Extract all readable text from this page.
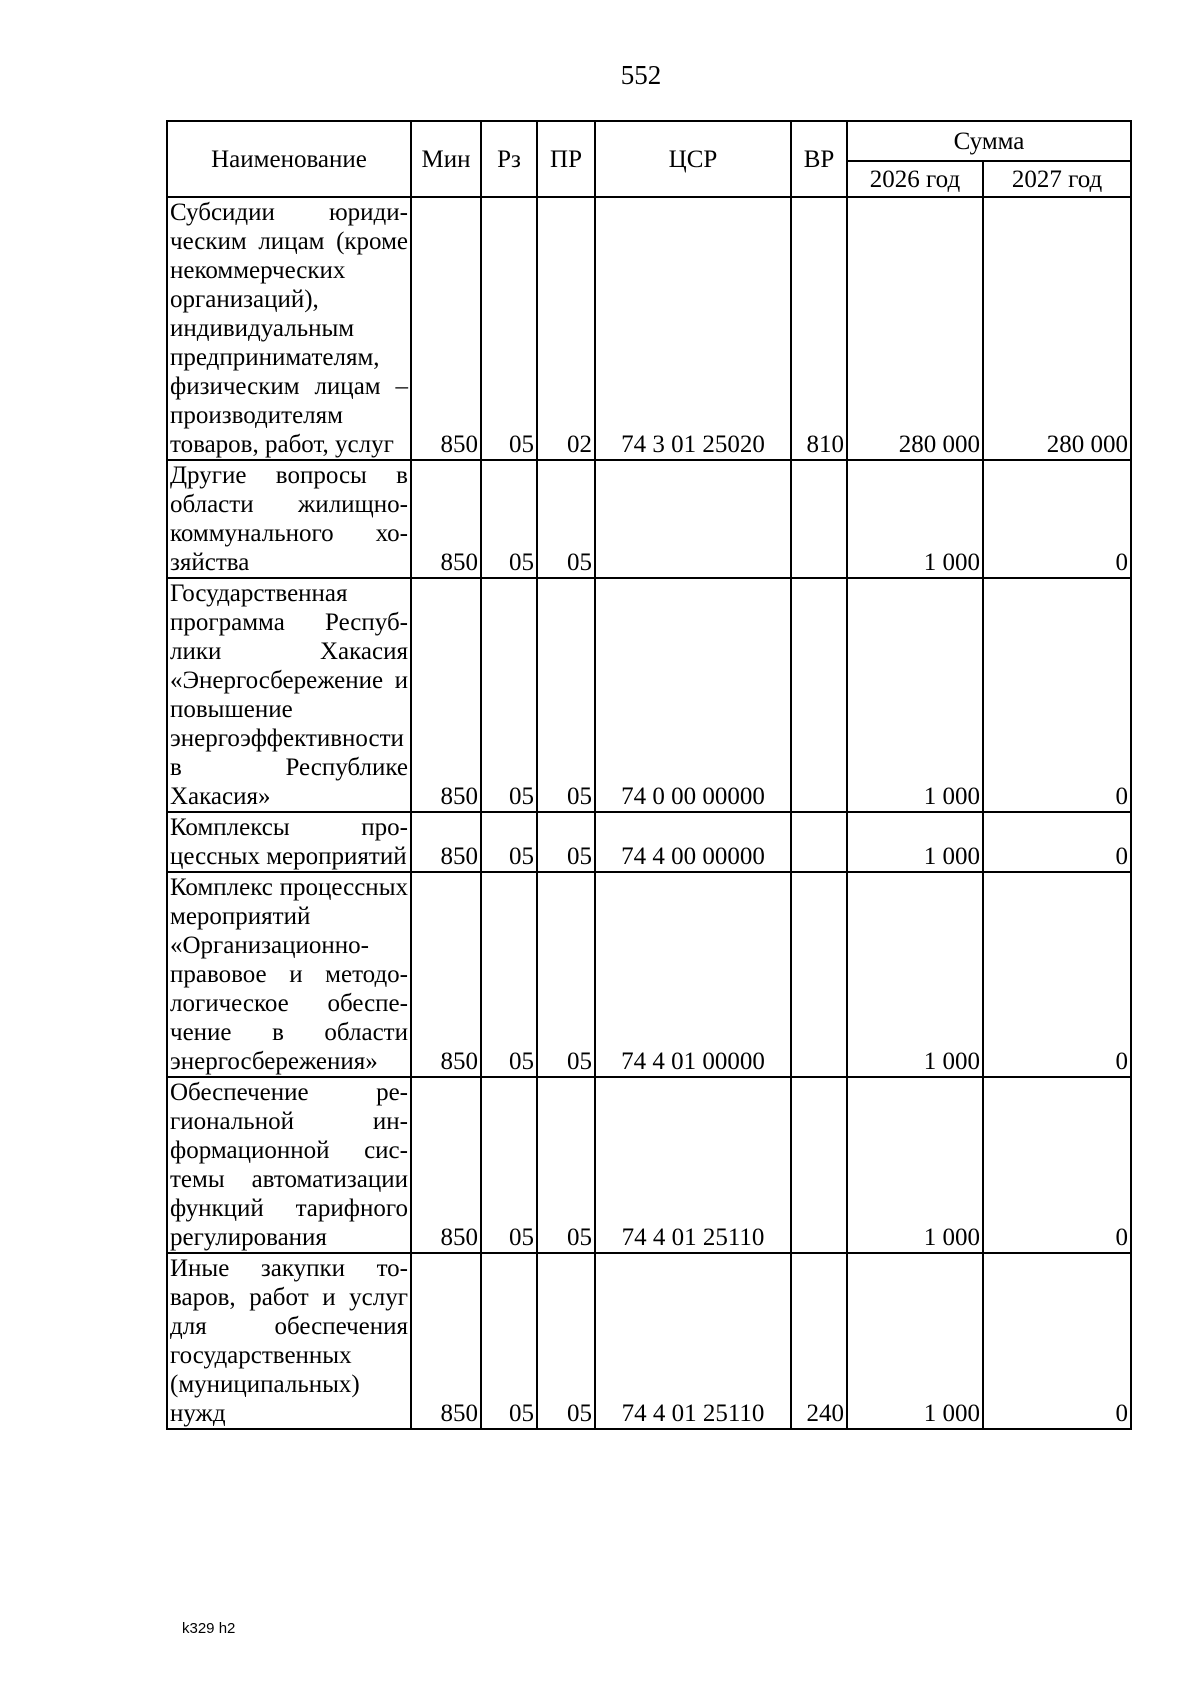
552
Наименование	Мин	Рз	ПР	ЦСР	ВР	Сумма	
						2026 год	2027 год
Субсидии юридическим лицам (кроме некоммерческих организаций), индивидуальным предпринимателям, физическим лицам – производителям товаров, работ, услуг	850	05	02	74 3 01 25020	810	280 000	280 000
Другие вопросы в области жилищно-коммунального хозяйства	850	05	05			1 000	0
Государственная программа Республики Хакасия «Энергосбережение и повышение энергоэффективности в Республике Хакасия»	850	05	05	74 0 00 00000		1 000	0
Комплексы процессных мероприятий	850	05	05	74 4 00 00000		1 000	0
Комплекс процессных мероприятий «Организационно-правовое и методологическое обеспечение в области энергосбережения»	850	05	05	74 4 01 00000		1 000	0
Обеспечение региональной информационной системы автоматизации функций тарифного регулирования	850	05	05	74 4 01 25110		1 000	0
Иные закупки товаров, работ и услуг для обеспечения государственных (муниципальных) нужд	850	05	05	74 4 01 25110	240	1 000	0
k329 h2
